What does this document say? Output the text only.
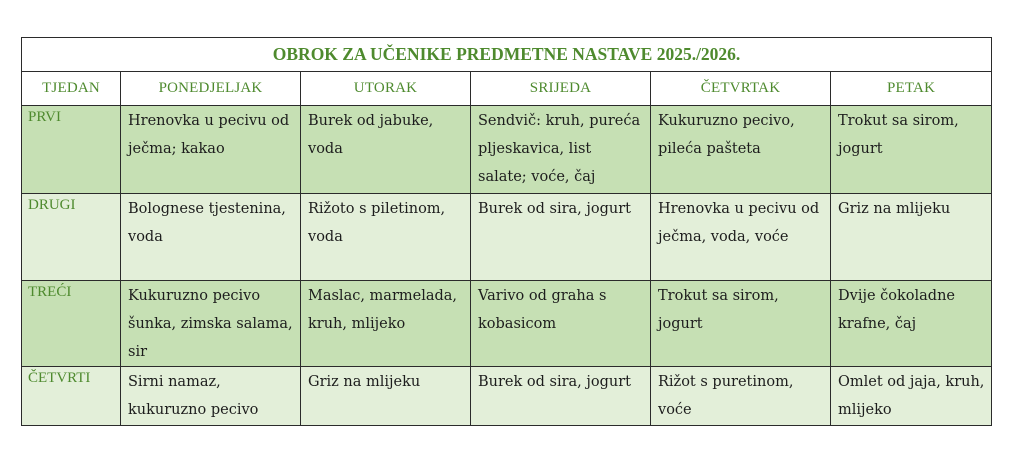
OBROK ZA UČENIKE PREDMETNE NASTAVE 2025./2026.					
TJEDAN	PONEDJELJAK	UTORAK	SRIJEDA	ČETVRTAK	PETAK
PRVI	Hrenovka u pecivu od ječma; kakao	Burek od jabuke, voda	Sendvič: kruh, pureća pljeskavica, list salate; voće, čaj	Kukuruzno pecivo, pileća pašteta	Trokut sa sirom, jogurt
DRUGI	Bolognese tjestenina, voda	Rižoto s piletinom, voda	Burek od sira, jogurt	Hrenovka u pecivu od ječma, voda, voće	Griz na mlijeku
TREĆI	Kukuruzno pecivo šunka, zimska salama, sir	Maslac, marmelada, kruh, mlijeko	Varivo od graha s kobasicom	Trokut sa sirom, jogurt	Dvije čokoladne krafne, čaj
ČETVRTI	Sirni namaz, kukuruzno pecivo	Griz na mlijeku	Burek od sira, jogurt	Rižot s puretinom, voće	Omlet od jaja, kruh, mlijeko
